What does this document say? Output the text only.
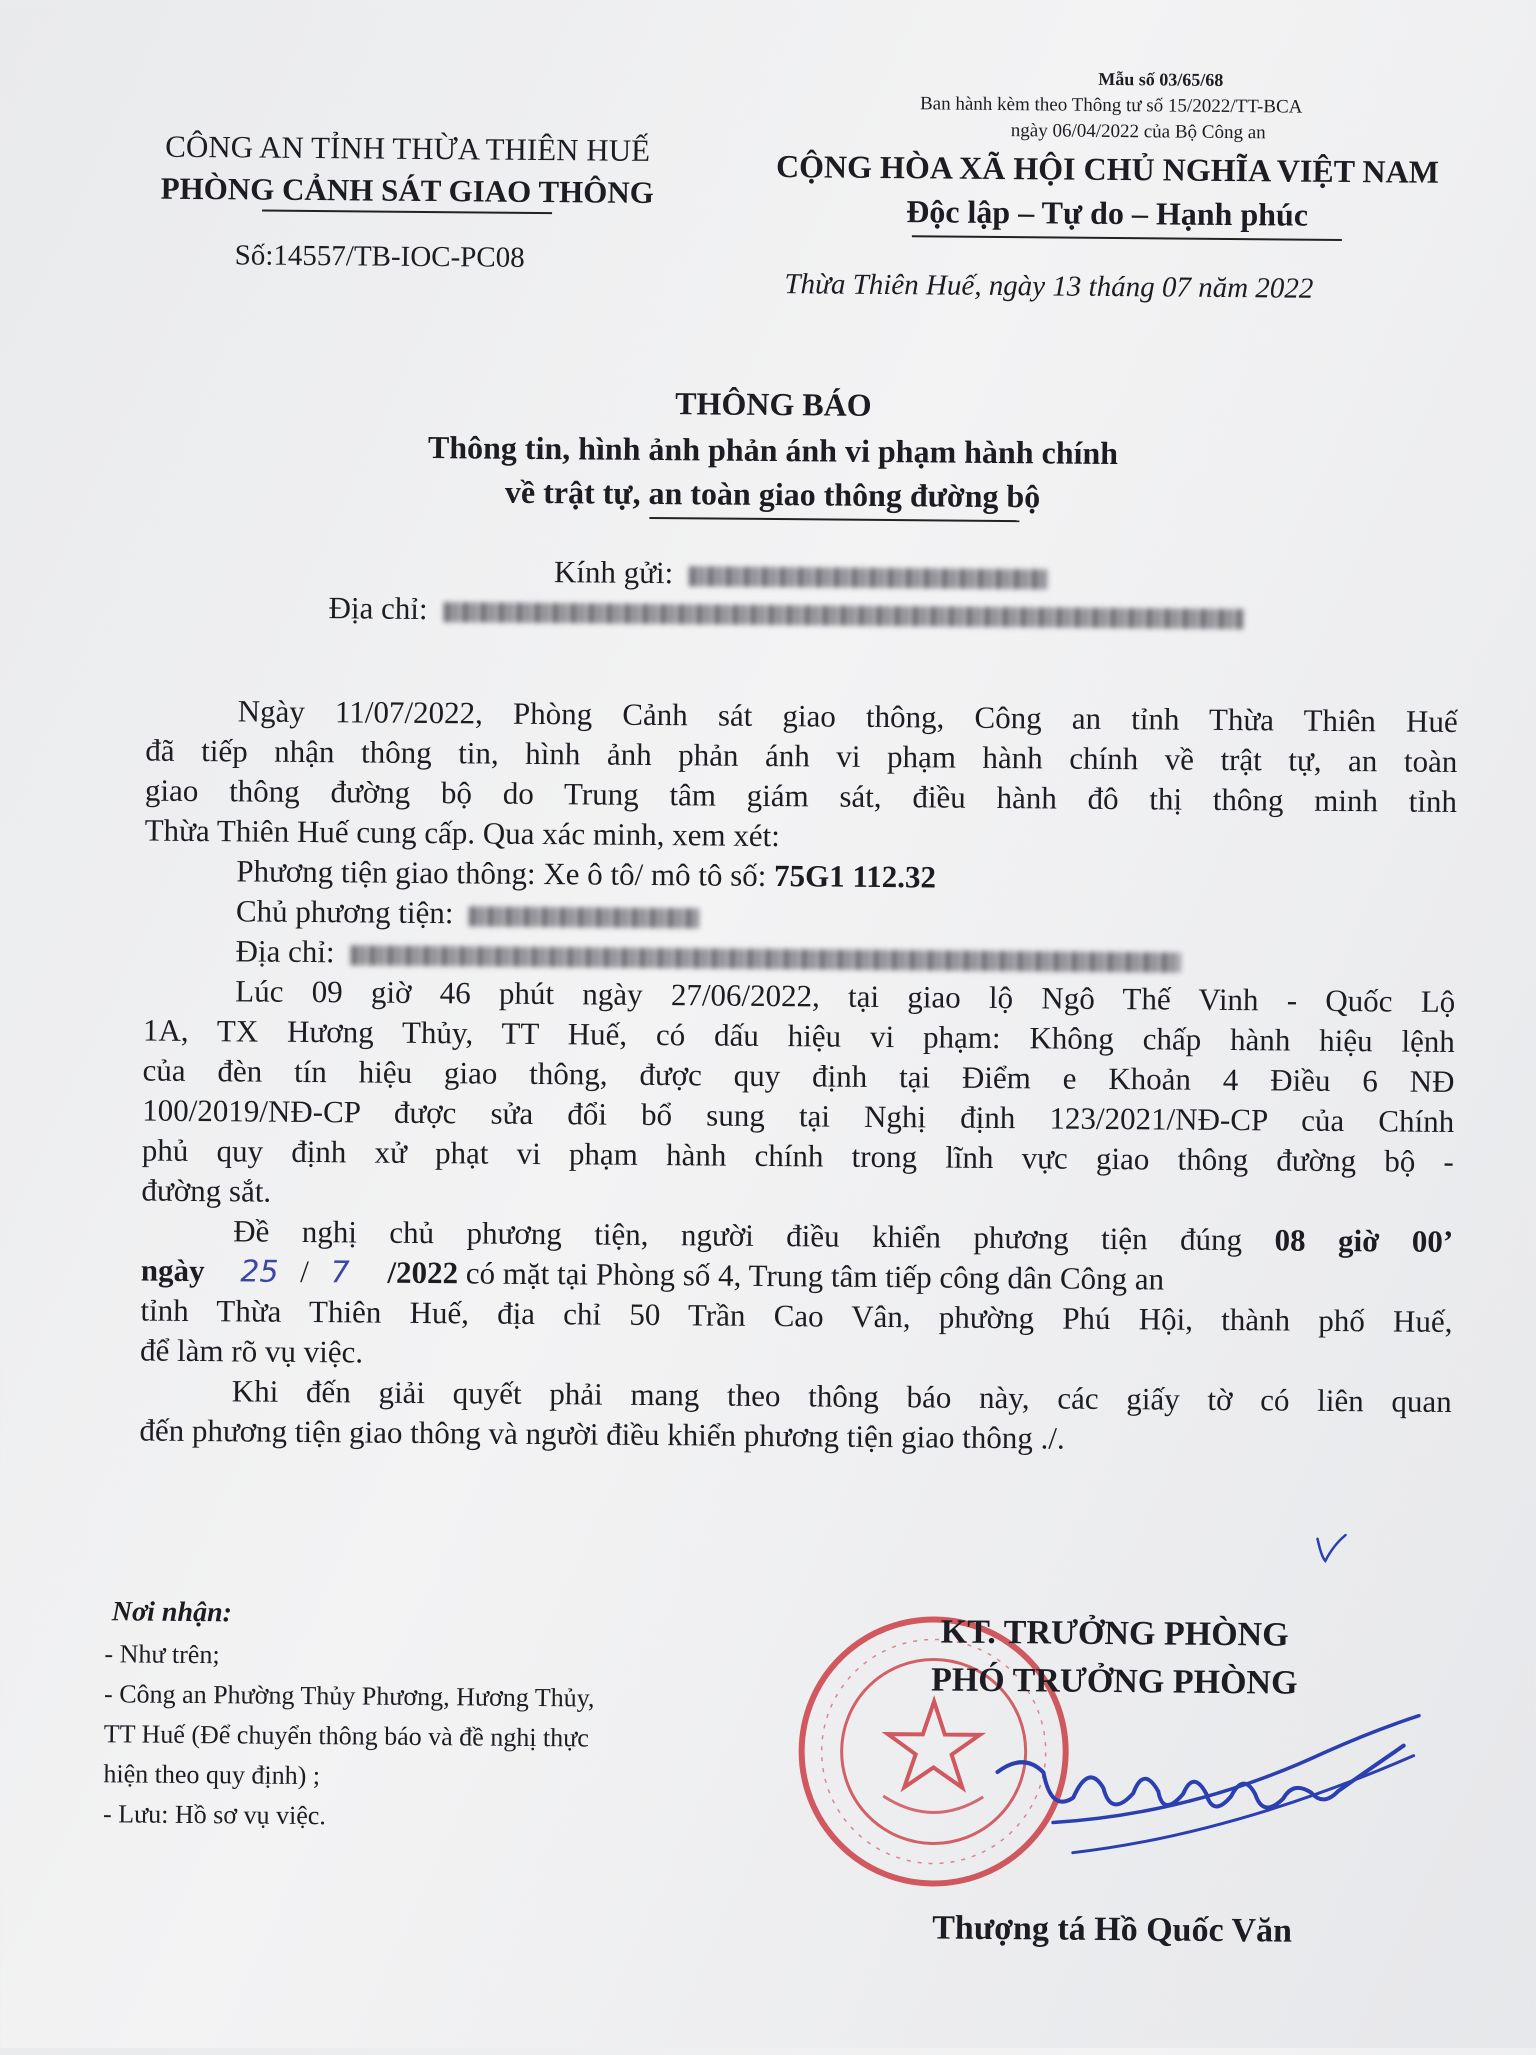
Mẫu số 03/65/68
Ban hành kèm theo Thông tư số 15/2022/TT-BCA
ngày 06/04/2022 của Bộ Công an
CÔNG AN TỈNH THỪA THIÊN HUẾ
PHÒNG CẢNH SÁT GIAO THÔNG
Số:14557/TB-IOC-PC08
CỘNG HÒA XÃ HỘI CHỦ NGHĨA VIỆT NAM
Độc lập – Tự do – Hạnh phúc
Thừa Thiên Huế, ngày 13 tháng 07 năm 2022
THÔNG BÁO
Thông tin, hình ảnh phản ánh vi phạm hành chính
về trật tự, an toàn giao thông đường bộ
Kính gửi:
Địa chỉ:
Ngày 11/07/2022, Phòng Cảnh sát giao thông, Công an tỉnh Thừa Thiên Huế
đã tiếp nhận thông tin, hình ảnh phản ánh vi phạm hành chính về trật tự, an toàn
giao thông đường bộ do Trung tâm giám sát, điều hành đô thị thông minh tỉnh
Thừa Thiên Huế cung cấp. Qua xác minh, xem xét:
Phương tiện giao thông: Xe ô tô/ mô tô số: 75G1 112.32
Chủ phương tiện:
Địa chỉ:
Lúc 09 giờ 46 phút ngày 27/06/2022, tại giao lộ Ngô Thế Vinh - Quốc Lộ
1A, TX Hương Thủy, TT Huế, có dấu hiệu vi phạm: Không chấp hành hiệu lệnh
của đèn tín hiệu giao thông, được quy định tại Điểm e Khoản 4 Điều 6 NĐ
100/2019/NĐ-CP được sửa đổi bổ sung tại Nghị định 123/2021/NĐ-CP của Chính
phủ quy định xử phạt vi phạm hành chính trong lĩnh vực giao thông đường bộ -
đường sắt.
Đề nghị chủ phương tiện, người điều khiển phương tiện đúng 08 giờ 00’
ngày 25 / 7 /2022 có mặt tại Phòng số 4, Trung tâm tiếp công dân Công an
tỉnh Thừa Thiên Huế, địa chỉ 50 Trần Cao Vân, phường Phú Hội, thành phố Huế,
để làm rõ vụ việc.
Khi đến giải quyết phải mang theo thông báo này, các giấy tờ có liên quan
đến phương tiện giao thông và người điều khiển phương tiện giao thông ./.
Nơi nhận:
- Như trên;
- Công an Phường Thủy Phương, Hương Thủy,
TT Huế (Để chuyển thông báo và đề nghị thực
hiện theo quy định) ;
- Lưu: Hồ sơ vụ việc.
KT. TRƯỞNG PHÒNG
PHÓ TRƯỞNG PHÒNG
Thượng tá Hồ Quốc Văn
